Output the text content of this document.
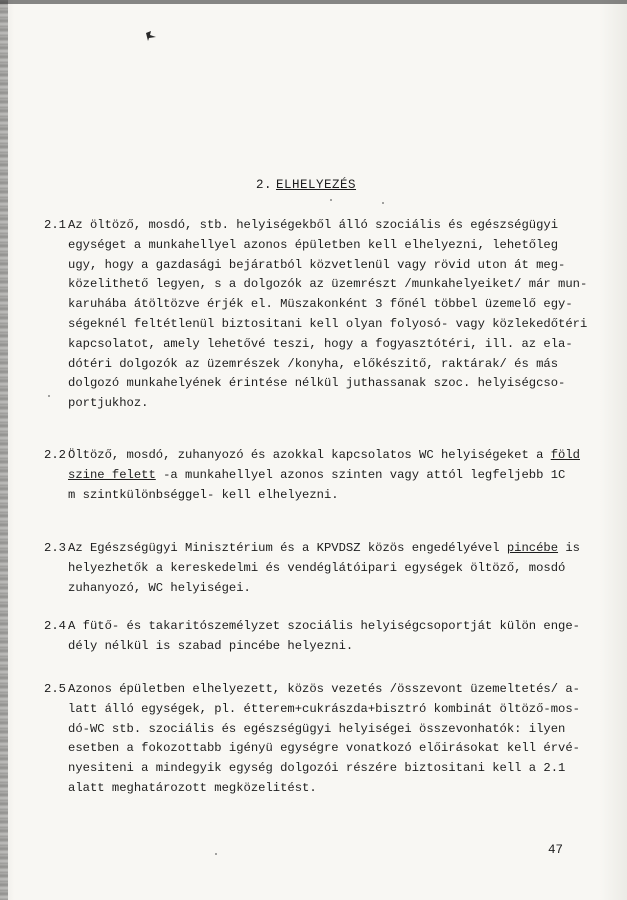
2. ELHELYEZÉS
2.1 Az öltöző, mosdó, stb. helyiségekből álló szociális és egészségügyi
egységet a munkahellyel azonos épületben kell elhelyezni, lehetőleg
ugy, hogy a gazdasági bejáratból közvetlenül vagy rövid uton át meg-
közelithető legyen, s a dolgozók az üzemrészt /munkahelyeiket/ már mun-
karuhába átöltözve érjék el. Müszakonként 3 főnél többel üzemelő egy-
ségeknél feltétlenül biztositani kell olyan folyosó- vagy közlekedőtéri
kapcsolatot, amely lehetővé teszi, hogy a fogyasztótéri, ill. az ela-
dótéri dolgozók az üzemrészek /konyha, előkészitő, raktárak/ és más
dolgozó munkahelyének érintése nélkül juthassanak szoc. helyiségcso-
portjukhoz.
2.2 Öltöző, mosdó, zuhanyozó és azokkal kapcsolatos WC helyiségeket a föld
szine felett -a munkahellyel azonos szinten vagy attól legfeljebb 1C
m szintkülönbséggel- kell elhelyezni.
2.3 Az Egészségügyi Minisztérium és a KPVDSZ közös engedélyével pincébe is
helyezhetők a kereskedelmi és vendéglátóipari egységek öltöző, mosdó
zuhanyozó, WC helyiségei.
2.4 A fütő- és takaritószemélyzet szociális helyiségcsoportját külön enge-
dély nélkül is szabad pincébe helyezni.
2.5 Azonos épületben elhelyezett, közös vezetés /összevont üzemeltetés/ a-
latt álló egységek, pl. étterem+cukrászda+bisztró kombinát öltöző-mos-
dó-WC stb. szociális és egészségügyi helyiségei összevonhatók: ilyen
esetben a fokozottabb igényü egységre vonatkozó előirásokat kell érvé-
nyesiteni a mindegyik egység dolgozói részére biztositani kell a 2.1
alatt meghatározott megközelitést.
47
